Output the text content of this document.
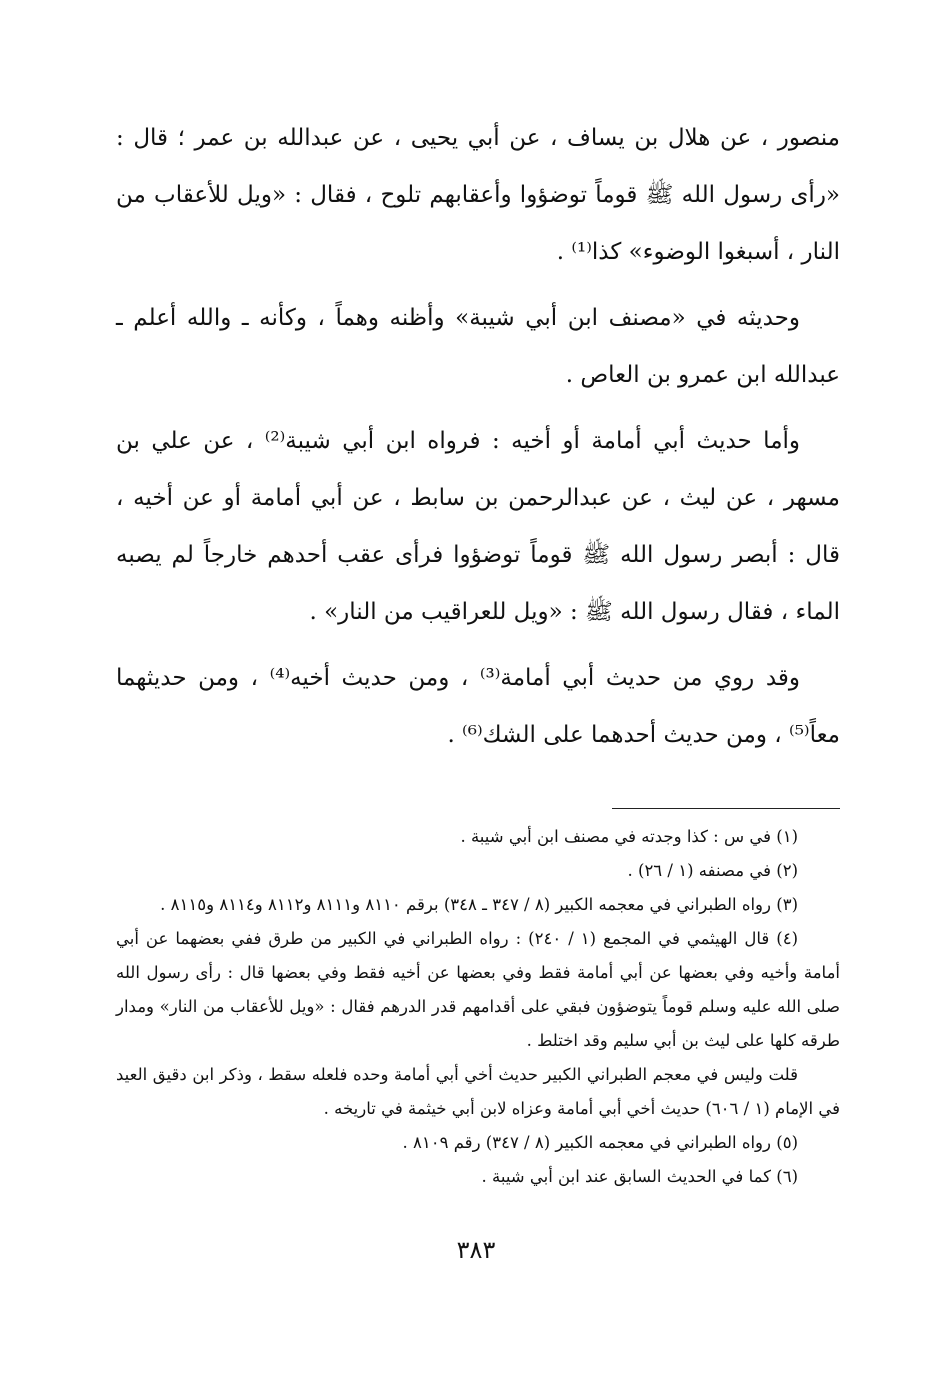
منصور ، عن هلال بن يساف ، عن أبي يحيى ، عن عبدالله بن عمر ؛ قال : «رأى رسول الله ﷺ قوماً توضؤوا وأعقابهم تلوح ، فقال : «ويل للأعقاب من النار ، أسبغوا الوضوء» كذا⁽¹⁾ .

وحديثه في «مصنف ابن أبي شيبة» وأظنه وهماً ، وكأنه ـ والله أعلم ـ عبدالله ابن عمرو بن العاص .

وأما حديث أبي أمامة أو أخيه : فرواه ابن أبي شيبة⁽²⁾ ، عن علي بن مسهر ، عن ليث ، عن عبدالرحمن بن سابط ، عن أبي أمامة أو عن أخيه ، قال : أبصر رسول الله ﷺ قوماً توضؤوا فرأى عقب أحدهم خارجاً لم يصبه الماء ، فقال رسول الله ﷺ : «ويل للعراقيب من النار» .

وقد روي من حديث أبي أمامة⁽³⁾ ، ومن حديث أخيه⁽⁴⁾ ، ومن حديثهما معاً⁽⁵⁾ ، ومن حديث أحدهما على الشك⁽⁶⁾ .

(١) في س : كذا وجدته في مصنف ابن أبي شيبة .

(٢) في مصنفه (١ / ٢٦) .

(٣) رواه الطبراني في معجمه الكبير (٨ / ٣٤٧ ـ ٣٤٨) برقم ٨١١٠ و٨١١١ و٨١١٢ و٨١١٤ و٨١١٥ .

(٤) قال الهيثمي في المجمع (١ / ٢٤٠) : رواه الطبراني في الكبير من طرق ففي بعضهما عن أبي أمامة وأخيه وفي بعضها عن أبي أمامة فقط وفي بعضها عن أخيه فقط وفي بعضها قال : رأى رسول الله صلى الله عليه وسلم قوماً يتوضؤون فبقي على أقدامهم قدر الدرهم فقال : «ويل للأعقاب من النار» ومدار طرقه كلها على ليث بن أبي سليم وقد اختلط .

قلت وليس في معجم الطبراني الكبير حديث أخي أبي أمامة وحده فلعله سقط ، وذكر ابن دقيق العيد في الإمام (١ / ٦٠٦) حديث أخي أبي أمامة وعزاه لابن أبي خيثمة في تاريخه .

(٥) رواه الطبراني في معجمه الكبير (٨ / ٣٤٧) رقم ٨١٠٩ .

(٦) كما في الحديث السابق عند ابن أبي شيبة .

٣٨٣
